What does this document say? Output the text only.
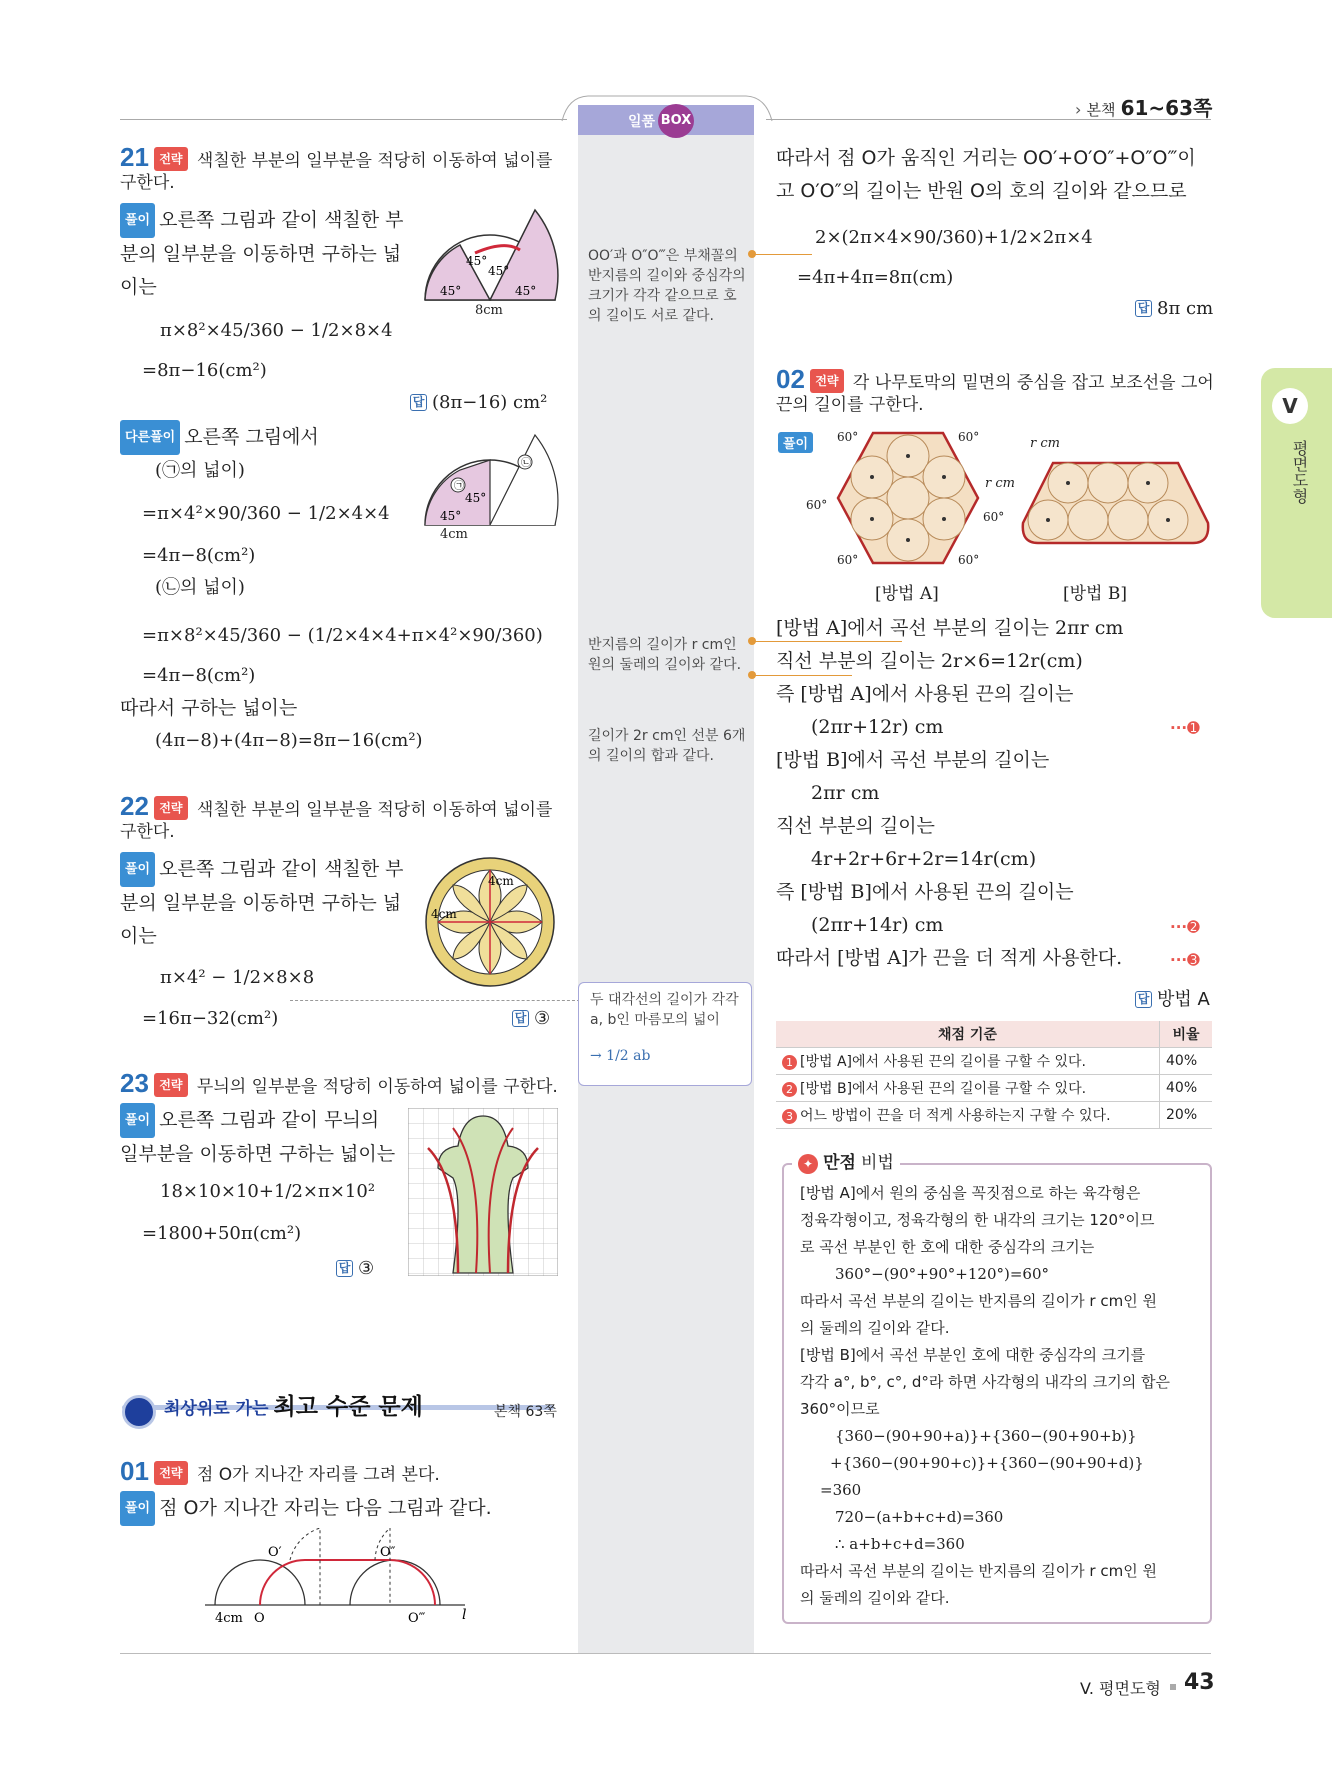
일품 BOX
› 본책 61~63쪽
V
평면도형
21 전략 색칠한 부분의 일부분을 적당히 이동하여 넓이를 구한다.
풀이 오른쪽 그림과 같이 색칠한 부
분의 일부분을 이동하면 구하는 넓
이는
45°
45°
45°	45°
8cm
π×8²×45/360 − 1/2×8×4
=8π−16(cm²)
답 (8π−16) cm²
다른풀이 오른쪽 그림에서
(㉠의 넓이)
=π×4²×90/360 − 1/2×4×4
=4π−8(cm²)
(㉡의 넓이)
=π×8²×45/360 − (1/2×4×4+π×4²×90/360)
=4π−8(cm²)
따라서 구하는 넓이는
(4π−8)+(4π−8)=8π−16(cm²)
㉠
㉡
45°
45°
4cm
22 전략 색칠한 부분의 일부분을 적당히 이동하여 넓이를 구한다.
풀이 오른쪽 그림과 같이 색칠한 부
분의 일부분을 이동하면 구하는 넓
이는
4cm
4cm
π×4² − 1/2×8×8
=16π−32(cm²)	답 ③
23 전략 무늬의 일부분을 적당히 이동하여 넓이를 구한다.
풀이 오른쪽 그림과 같이 무늬의
일부분을 이동하면 구하는 넓이는
18×10×10+1/2×π×10²
=1800+50π(cm²)
답 ③
최상위로 가는 최고 수준 문제	본책 63쪽
01 전략 점 O가 지나간 자리를 그려 본다.
풀이 점 O가 지나간 자리는 다음 그림과 같다.
O′	O″
O‴
O
4cm	l
따라서 점 O가 움직인 거리는 OO′+O′O″+O″O‴이
고 O′O″의 길이는 반원 O의 호의 길이와 같으므로
2×(2π×4×90/360)+1/2×2π×4
=4π+4π=8π(cm)
답 8π cm
02 전략 각 나무토막의 밑면의 중심을 잡고 보조선을 그어 끈의 길이를 구한다.
풀이	60°	60°
60°
60°
60°	60°
r cm
[방법 A]
r cm
[방법 B]
[방법 A]에서 곡선 부분의 길이는 2πr cm
직선 부분의 길이는 2r×6=12r(cm)
즉 [방법 A]에서 사용된 끈의 길이는
(2πr+12r) cm
[방법 B]에서 곡선 부분의 길이는
2πr cm
직선 부분의 길이는
4r+2r+6r+2r=14r(cm)
즉 [방법 B]에서 사용된 끈의 길이는
(2πr+14r) cm
따라서 [방법 A]가 끈을 더 적게 사용한다.
···➊
···➋
···➌
답 방법 A
채점 기준	비율
1 [방법 A]에서 사용된 끈의 길이를 구할 수 있다.	40%
2 [방법 B]에서 사용된 끈의 길이를 구할 수 있다.	40%
3 어느 방법이 끈을 더 적게 사용하는지 구할 수 있다.	20%
✦ 만점 비법
[방법 A]에서 원의 중심을 꼭짓점으로 하는 육각형은
정육각형이고, 정육각형의 한 내각의 크기는 120°이므
로 곡선 부분인 한 호에 대한 중심각의 크기는
360°−(90°+90°+120°)=60°
따라서 곡선 부분의 길이는 반지름의 길이가 r cm인 원
의 둘레의 길이와 같다.
[방법 B]에서 곡선 부분인 호에 대한 중심각의 크기를
각각 a°, b°, c°, d°라 하면 사각형의 내각의 크기의 합은
360°이므로
{360−(90+90+a)}+{360−(90+90+b)}
+{360−(90+90+c)}+{360−(90+90+d)}
=360
720−(a+b+c+d)=360
∴ a+b+c+d=360
따라서 곡선 부분의 길이는 반지름의 길이가 r cm인 원
의 둘레의 길이와 같다.
OO′과 O″O‴은 부채꼴의 반지름의 길이와 중심각의 크기가 각각 같으므로 호의 길이도 서로 같다.
반지름의 길이가 r cm인 원의 둘레의 길이와 같다.
길이가 2r cm인 선분 6개의 길이의 합과 같다.
두 대각선의 길이가 각각 a, b인 마름모의 넓이
→ 1/2 ab
V. 평면도형 43
